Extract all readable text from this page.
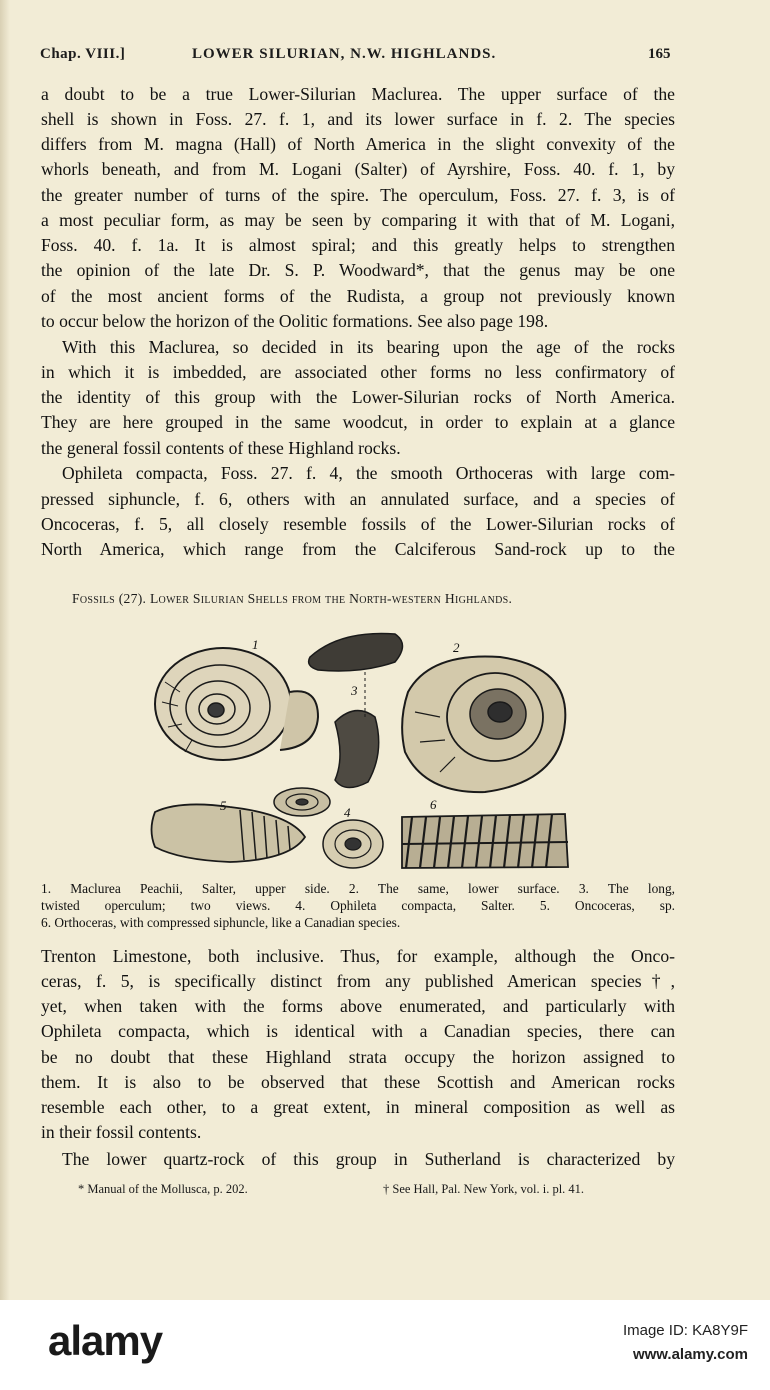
Chap. VIII.]	LOWER SILURIAN, N.W. HIGHLANDS.	165
a doubt to be a true Lower-Silurian Maclurea. The upper surface of the
shell is shown in Foss. 27. f. 1, and its lower surface in f. 2. The species
differs from M. magna (Hall) of North America in the slight convexity of the
whorls beneath, and from M. Logani (Salter) of Ayrshire, Foss. 40. f. 1, by
the greater number of turns of the spire. The operculum, Foss. 27. f. 3, is of
a most peculiar form, as may be seen by comparing it with that of M. Logani,
Foss. 40. f. 1a. It is almost spiral; and this greatly helps to strengthen
the opinion of the late Dr. S. P. Woodward*, that the genus may be one
of the most ancient forms of the Rudista, a group not previously known
to occur below the horizon of the Oolitic formations. See also page 198.
With this Maclurea, so decided in its bearing upon the age of the rocks
in which it is imbedded, are associated other forms no less confirmatory of
the identity of this group with the Lower-Silurian rocks of North America.
They are here grouped in the same woodcut, in order to explain at a glance
the general fossil contents of these Highland rocks.
Ophileta compacta, Foss. 27. f. 4, the smooth Orthoceras with large com-
pressed siphuncle, f. 6, others with an annulated surface, and a species of
Oncoceras, f. 5, all closely resemble fossils of the Lower-Silurian rocks of
North America, which range from the Calciferous Sand-rock up to the
Fossils (27). Lower Silurian Shells from the North-western Highlands.
1	2
3
4
5	6
1. Maclurea Peachii, Salter, upper side. 2. The same, lower surface. 3. The long,
twisted operculum; two views. 4. Ophileta compacta, Salter. 5. Oncoceras, sp.
6. Orthoceras, with compressed siphuncle, like a Canadian species.
Trenton Limestone, both inclusive. Thus, for example, although the Onco-
ceras, f. 5, is specifically distinct from any published American species†,
yet, when taken with the forms above enumerated, and particularly with
Ophileta compacta, which is identical with a Canadian species, there can
be no doubt that these Highland strata occupy the horizon assigned to
them. It is also to be observed that these Scottish and American rocks
resemble each other, to a great extent, in mineral composition as well as
in their fossil contents.
The lower quartz-rock of this group in Sutherland is characterized by
* Manual of the Mollusca, p. 202.	† See Hall, Pal. New York, vol. i. pl. 41.
alamy	Image ID: KA8Y9F
www.alamy.com
